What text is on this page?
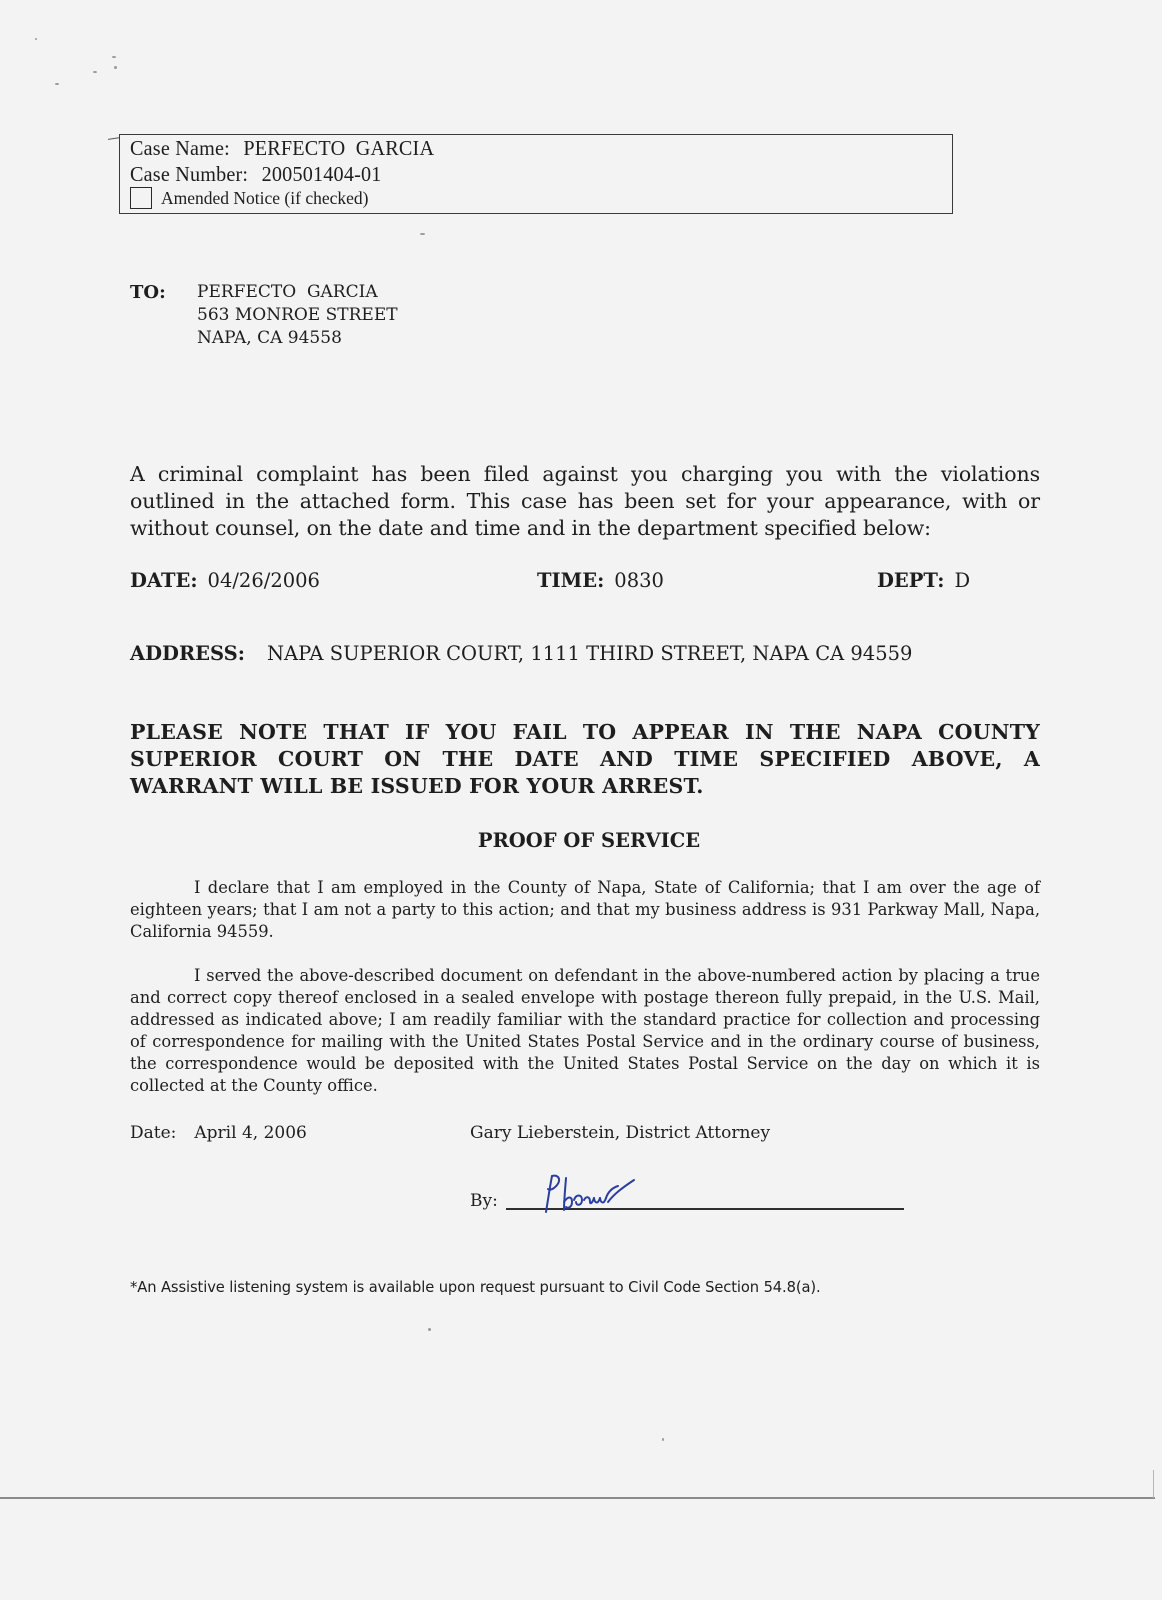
Case Name: PERFECTO  GARCIA
Case Number: 200501404-01
Amended Notice (if checked)
TO: PERFECTO  GARCIA
563 MONROE STREET
NAPA, CA 94558
A criminal complaint has been filed against you charging you with the violations outlined in the attached form. This case has been set for your appearance, with or without counsel, on the date and time and in the department specified below:
DATE: 04/26/2006	TIME: 0830	DEPT: D
ADDRESS: NAPA SUPERIOR COURT, 1111 THIRD STREET, NAPA CA 94559
PLEASE NOTE THAT IF YOU FAIL TO APPEAR IN THE NAPA COUNTY SUPERIOR COURT ON THE DATE AND TIME SPECIFIED ABOVE, A WARRANT WILL BE ISSUED FOR YOUR ARREST.
PROOF OF SERVICE
I declare that I am employed in the County of Napa, State of California; that I am over the age of eighteen years; that I am not a party to this action; and that my business address is 931 Parkway Mall, Napa, California 94559.
I served the above-described document on defendant in the above-numbered action by placing a true and correct copy thereof enclosed in a sealed envelope with postage thereon fully prepaid, in the U.S. Mail, addressed as indicated above; I am readily familiar with the standard practice for collection and processing of correspondence for mailing with the United States Postal Service and in the ordinary course of business, the correspondence would be deposited with the United States Postal Service on the day on which it is collected at the County office.
Date: April 4, 2006	Gary Lieberstein, District Attorney
By:
*An Assistive listening system is available upon request pursuant to Civil Code Section 54.8(a).
